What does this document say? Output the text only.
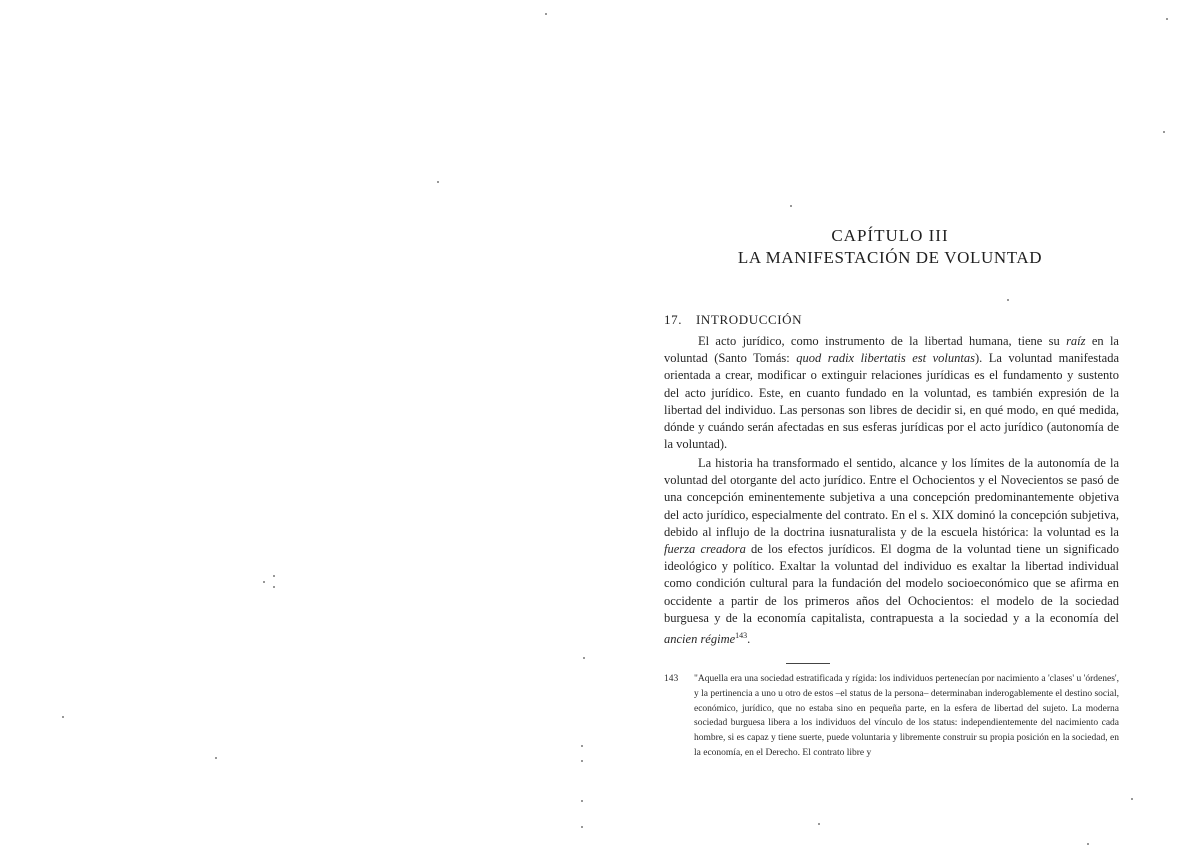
CAPÍTULO III
LA MANIFESTACIÓN DE VOLUNTAD
17. INTRODUCCIÓN
El acto jurídico, como instrumento de la libertad humana, tiene su raíz en la voluntad (Santo Tomás: quod radix libertatis est voluntas). La voluntad manifestada orientada a crear, modificar o extinguir relaciones jurídicas es el fundamento y sustento del acto jurídico. Este, en cuanto fundado en la voluntad, es también expresión de la libertad del individuo. Las personas son libres de decidir si, en qué modo, en qué medida, dónde y cuándo serán afectadas en sus esferas jurídicas por el acto jurídico (autonomía de la voluntad).
La historia ha transformado el sentido, alcance y los límites de la autonomía de la voluntad del otorgante del acto jurídico. Entre el Ochocientos y el Novecientos se pasó de una concepción eminentemente subjetiva a una concepción predominantemente objetiva del acto jurídico, especialmente del contrato. En el s. XIX dominó la concepción subjetiva, debido al influjo de la doctrina iusnaturalista y de la escuela histórica: la voluntad es la fuerza creadora de los efectos jurídicos. El dogma de la voluntad tiene un significado ideológico y político. Exaltar la voluntad del individuo es exaltar la libertad individual como condición cultural para la fundación del modelo socioeconómico que se afirma en occidente a partir de los primeros años del Ochocientos: el modelo de la sociedad burguesa y de la economía capitalista, contrapuesta a la sociedad y a la economía del ancien régime$^{143}$.
143	"Aquella era una sociedad estratificada y rígida: los individuos pertenecían por nacimiento a 'clases' u 'órdenes', y la pertinencia a uno u otro de estos –el status de la persona– determinaban inderogablemente el destino social, económico, jurídico, que no estaba sino en pequeña parte, en la esfera de libertad del sujeto. La moderna sociedad burguesa libera a los individuos del vínculo de los status: independientemente del nacimiento cada hombre, si es capaz y tiene suerte, puede voluntaria y libremente construir su propia posición en la sociedad, en la economía, en el Derecho. El contrato libre y
